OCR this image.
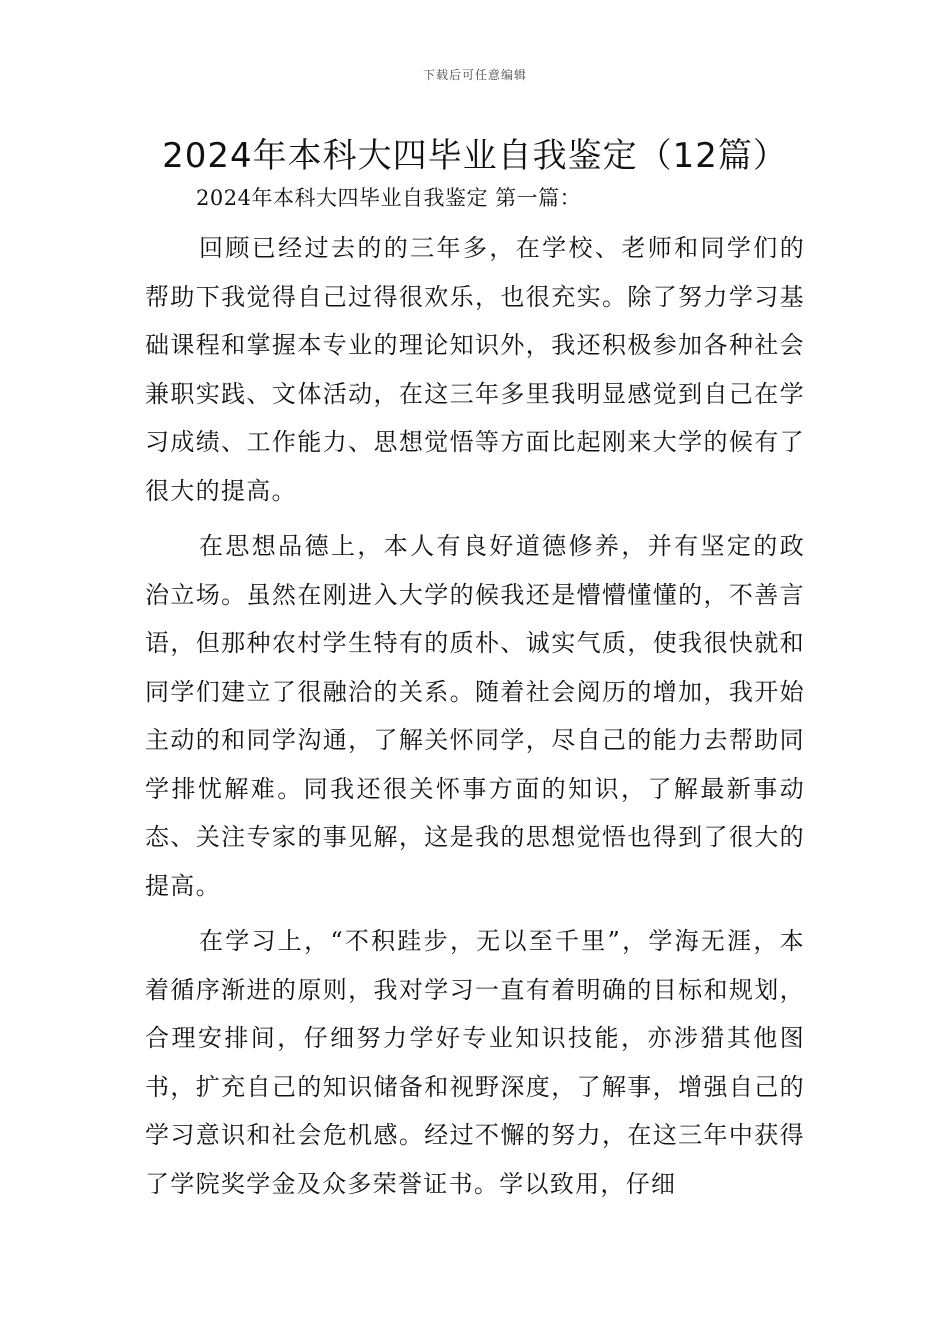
下载后可任意编辑
2024年本科大四毕业自我鉴定（12篇）
2024年本科大四毕业自我鉴定 第一篇：

回顾已经过去的的三年多，在学校、老师和同学们的帮助下我觉得自己过得很欢乐，也很充实。除了努力学习基础课程和掌握本专业的理论知识外，我还积极参加各种社会兼职实践、文体活动，在这三年多里我明显感觉到自己在学习成绩、工作能力、思想觉悟等方面比起刚来大学的候有了很大的提高。

在思想品德上，本人有良好道德修养，并有坚定的政治立场。虽然在刚进入大学的候我还是懵懵懂懂的，不善言语，但那种农村学生特有的质朴、诚实气质，使我很快就和同学们建立了很融洽的关系。随着社会阅历的增加，我开始主动的和同学沟通，了解关怀同学，尽自己的能力去帮助同学排忧解难。同我还很关怀事方面的知识，了解最新事动态、关注专家的事见解，这是我的思想觉悟也得到了很大的提高。

在学习上，“不积跬步，无以至千里”，学海无涯，本着循序渐进的原则，我对学习一直有着明确的目标和规划，合理安排间，仔细努力学好专业知识技能，亦涉猎其他图书，扩充自己的知识储备和视野深度，了解事，增强自己的学习意识和社会危机感。经过不懈的努力，在这三年中获得了学院奖学金及众多荣誉证书。学以致用，仔细
